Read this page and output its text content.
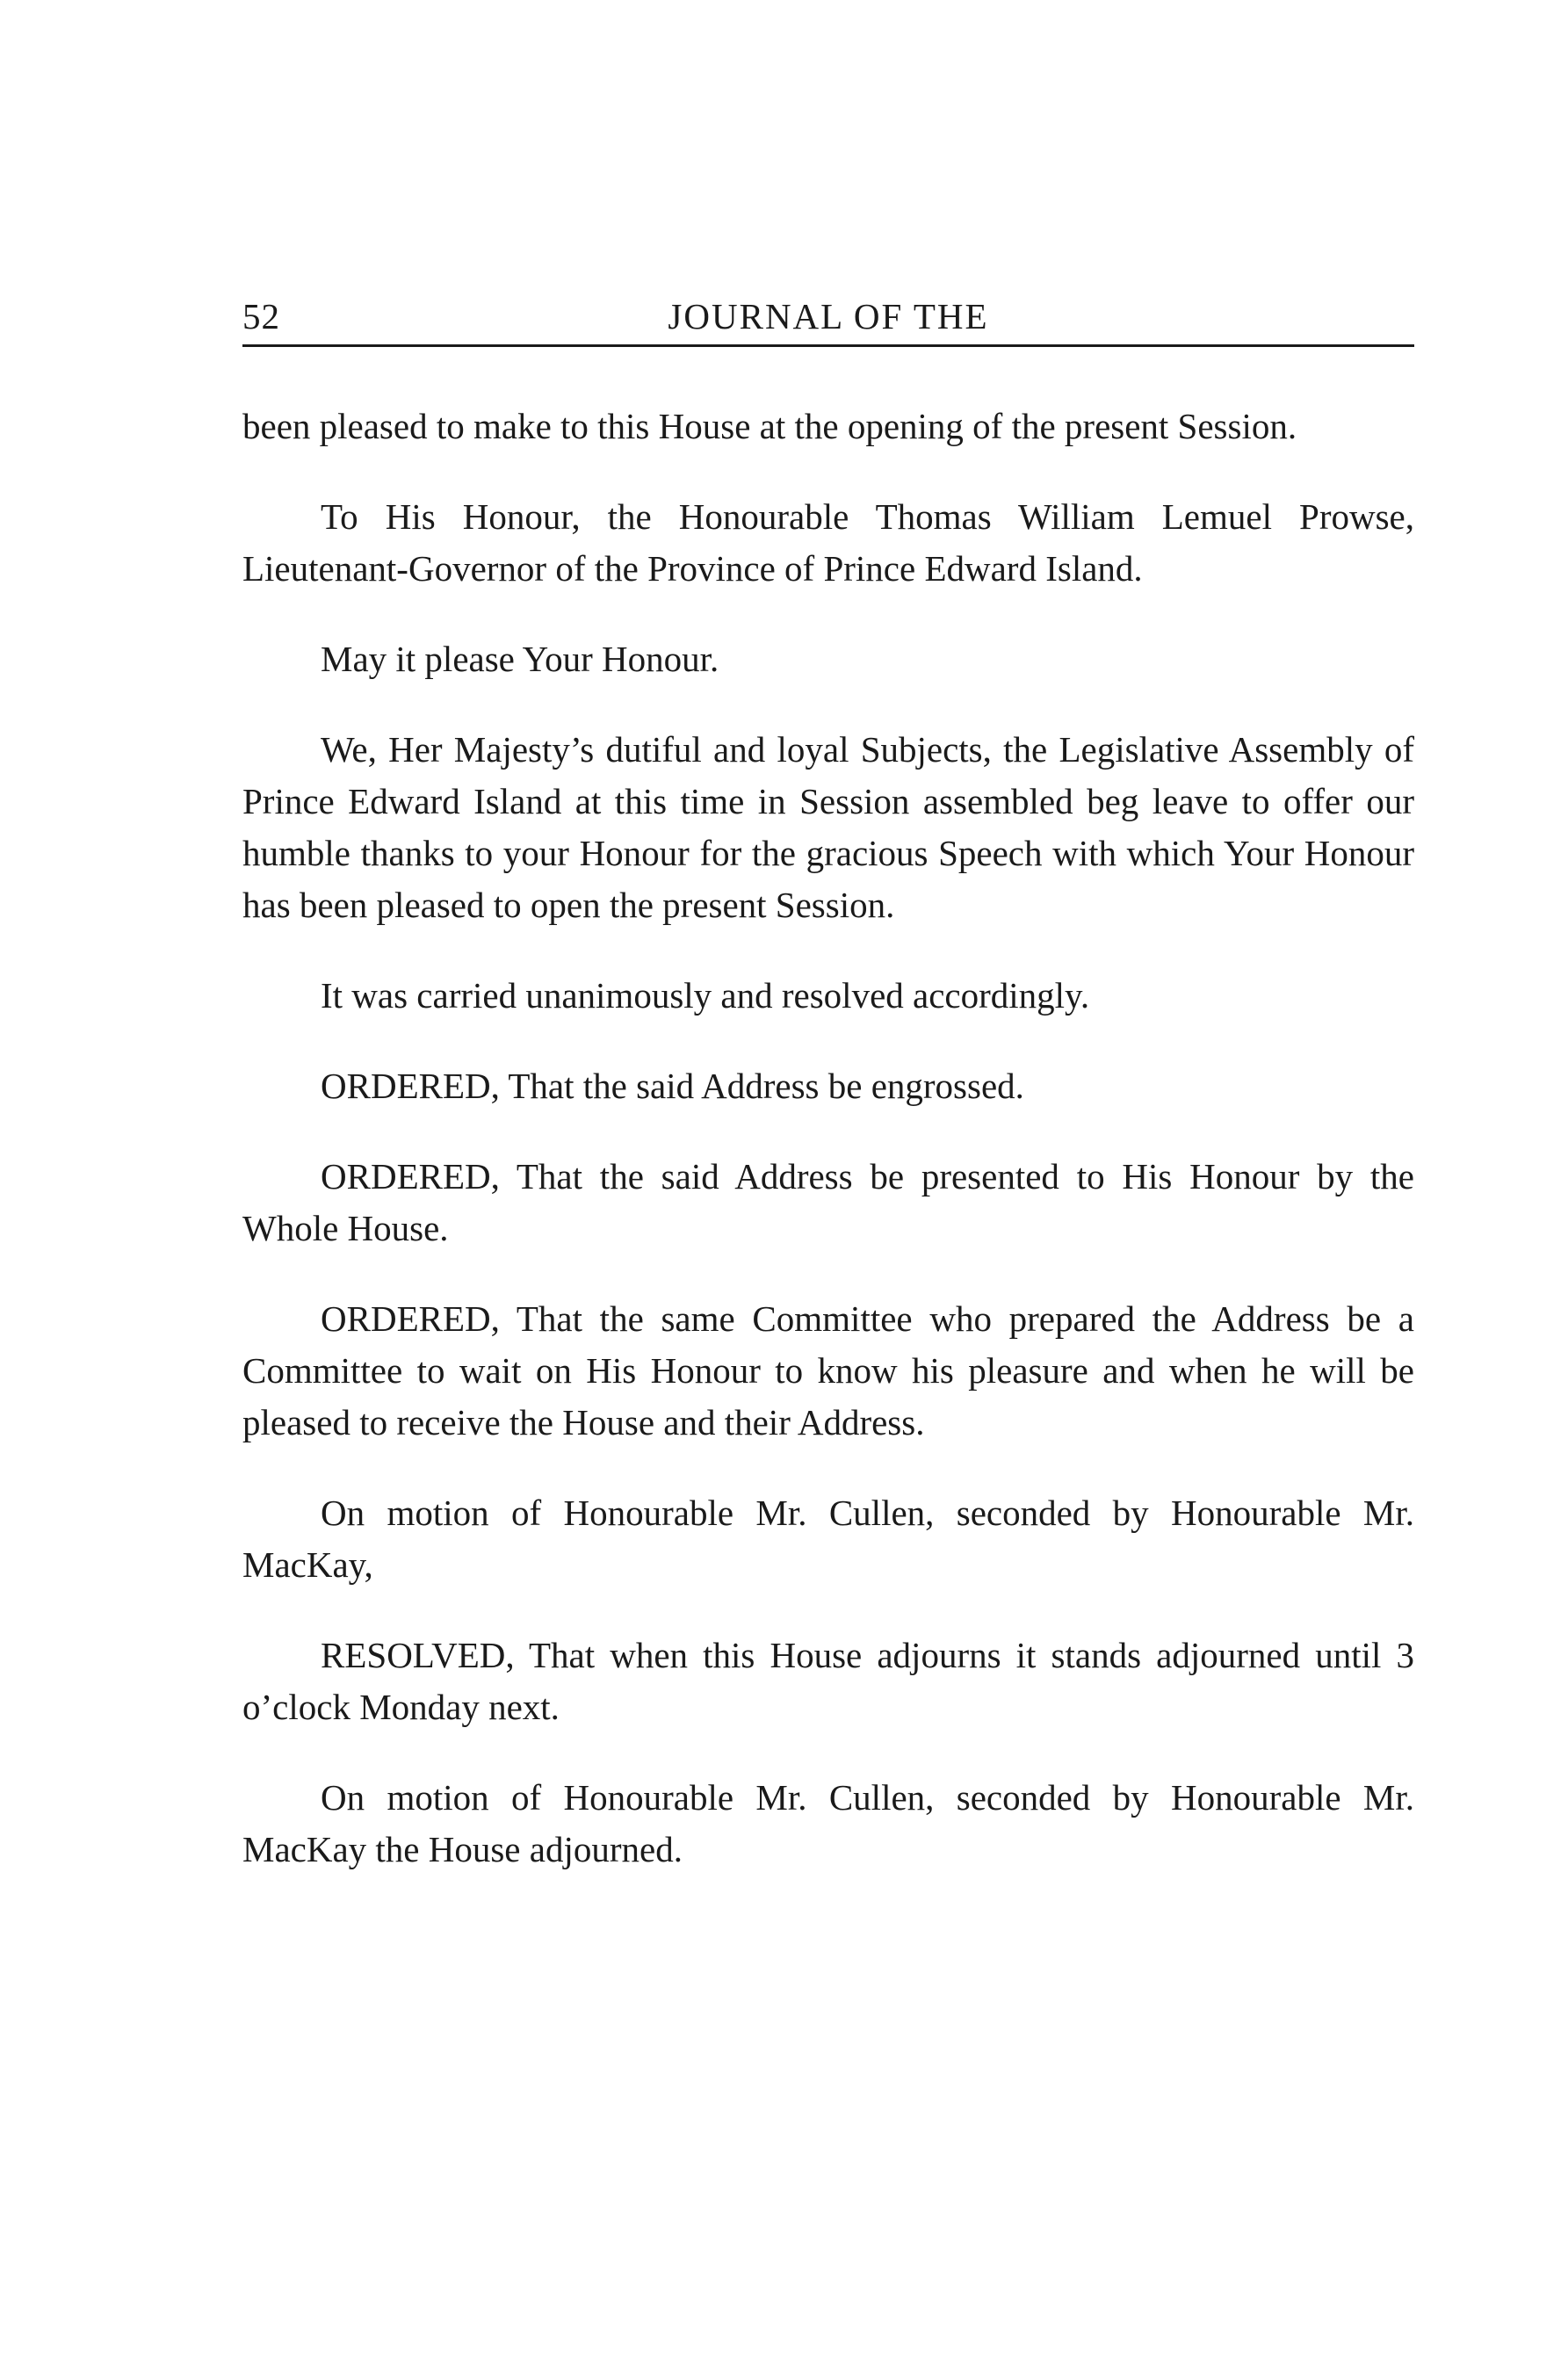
52	JOURNAL OF THE

been pleased to make to this House at the opening of the present Session.

To His Honour, the Honourable Thomas William Lemuel Prowse, Lieutenant-Governor of the Province of Prince Edward Island.

May it please Your Honour.

We, Her Majesty’s dutiful and loyal Subjects, the Legislative Assembly of Prince Edward Island at this time in Session assembled beg leave to offer our humble thanks to your Honour for the gracious Speech with which Your Honour has been pleased to open the present Session.

It was carried unanimously and resolved accordingly.

ORDERED, That the said Address be engrossed.

ORDERED, That the said Address be presented to His Honour by the Whole House.

ORDERED, That the same Committee who prepared the Address be a Committee to wait on His Honour to know his pleasure and when he will be pleased to receive the House and their Address.

On motion of Honourable Mr. Cullen, seconded by Honourable Mr. MacKay,

RESOLVED, That when this House adjourns it stands adjourned until 3 o’clock Monday next.

On motion of Honourable Mr. Cullen, seconded by Honourable Mr. MacKay the House adjourned.
